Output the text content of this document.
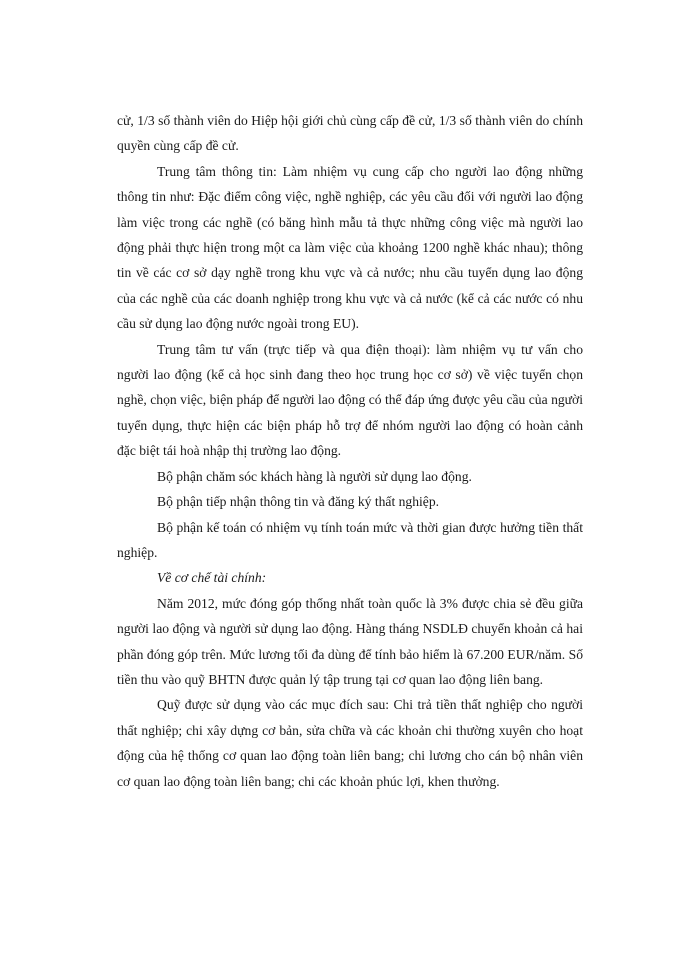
cử, 1/3 số thành viên do Hiệp hội giới chủ cùng cấp đề cử, 1/3 số thành viên do chính quyền cùng cấp đề cử.

Trung tâm thông tin: Làm nhiệm vụ cung cấp cho người lao động những thông tin như: Đặc điểm công việc, nghề nghiệp, các yêu cầu đối với người lao động làm việc trong các nghề (có băng hình mẫu tả thực những công việc mà người lao động phải thực hiện trong một ca làm việc của khoảng 1200 nghề khác nhau); thông tin về các cơ sở dạy nghề trong khu vực và cả nước; nhu cầu tuyển dụng lao động của các nghề của các doanh nghiệp trong khu vực và cả nước (kể cả các nước có nhu cầu sử dụng lao động nước ngoài trong EU).

Trung tâm tư vấn (trực tiếp và qua điện thoại): làm nhiệm vụ tư vấn cho người lao động (kể cả học sinh đang theo học trung học cơ sở) về việc tuyển chọn nghề, chọn việc, biện pháp để người lao động có thể đáp ứng được yêu cầu của người tuyển dụng, thực hiện các biện pháp hỗ trợ để nhóm người lao động có hoàn cảnh đặc biệt tái hoà nhập thị trường lao động.

Bộ phận chăm sóc khách hàng là người sử dụng lao động.

Bộ phận tiếp nhận thông tin và đăng ký thất nghiệp.

Bộ phận kế toán có nhiệm vụ tính toán mức và thời gian được hưởng tiền thất nghiệp.

Về cơ chế tài chính:

Năm 2012, mức đóng góp thống nhất toàn quốc là 3% được chia sẻ đều giữa người lao động và người sử dụng lao động. Hàng tháng NSDLĐ chuyển khoản cả hai phần đóng góp trên. Mức lương tối đa dùng để tính bảo hiểm là 67.200 EUR/năm. Số tiền thu vào quỹ BHTN được quản lý tập trung tại cơ quan lao động liên bang.

Quỹ được sử dụng vào các mục đích sau: Chi trả tiền thất nghiệp cho người thất nghiệp; chi xây dựng cơ bản, sửa chữa và các khoản chi thường xuyên cho hoạt động của hệ thống cơ quan lao động toàn liên bang; chi lương cho cán bộ nhân viên cơ quan lao động toàn liên bang; chi các khoản phúc lợi, khen thưởng.
